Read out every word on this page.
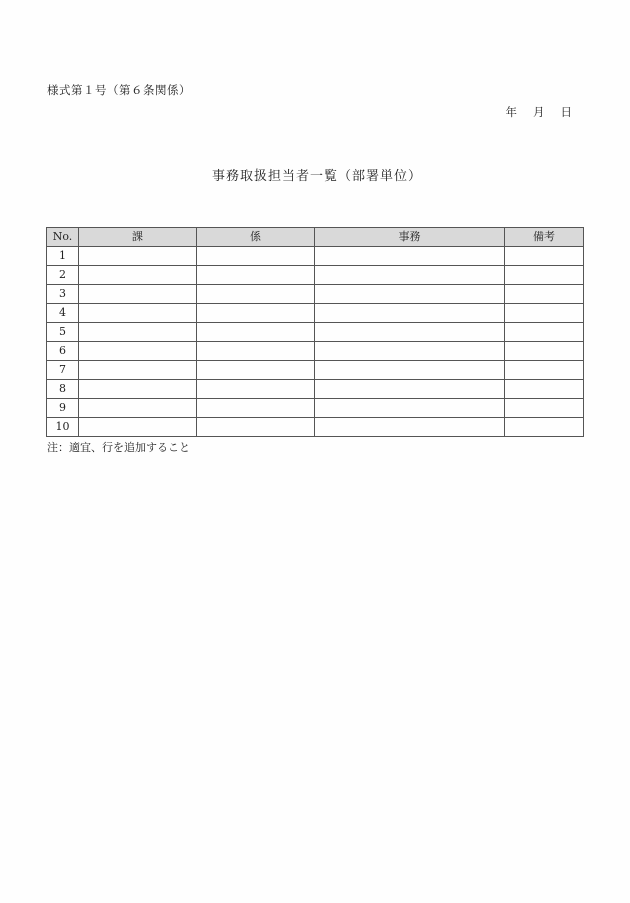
様式第１号（第６条関係）
年 月 日
事務取扱担当者一覧（部署単位）
No.	課	係	事務	備考
1				
2				
3				
4				
5				
6				
7				
8				
9				
10				
注：適宜、行を追加すること
